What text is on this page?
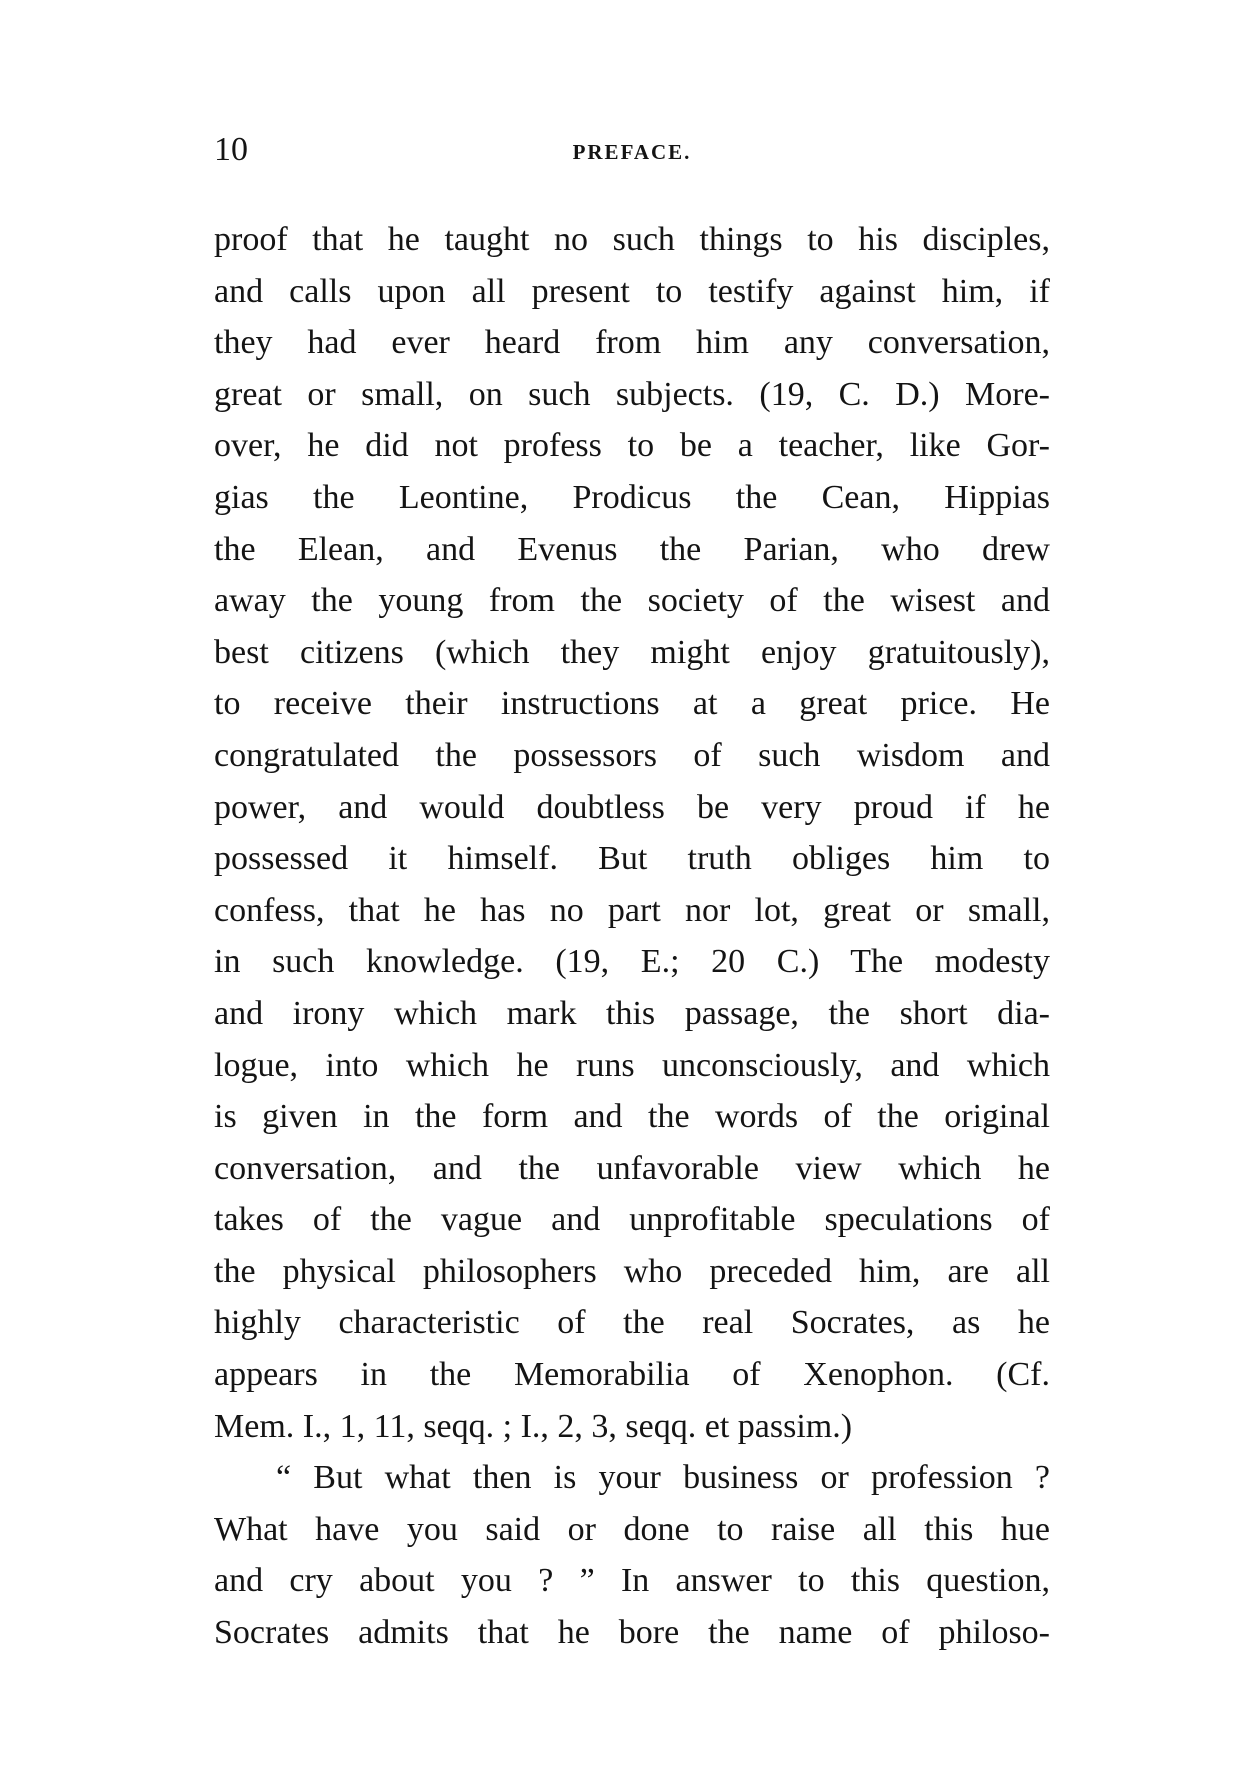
10	PREFACE.
proof that he taught no such things to his disciples,
and calls upon all present to testify against him, if
they had ever heard from him any conversation,
great or small, on such subjects. (19, C. D.) More-
over, he did not profess to be a teacher, like Gor-
gias the Leontine, Prodicus the Cean, Hippias
the Elean, and Evenus the Parian, who drew
away the young from the society of the wisest and
best citizens (which they might enjoy gratuitously),
to receive their instructions at a great price. He
congratulated the possessors of such wisdom and
power, and would doubtless be very proud if he
possessed it himself. But truth obliges him to
confess, that he has no part nor lot, great or small,
in such knowledge. (19, E.; 20 C.) The modesty
and irony which mark this passage, the short dia-
logue, into which he runs unconsciously, and which
is given in the form and the words of the original
conversation, and the unfavorable view which he
takes of the vague and unprofitable speculations of
the physical philosophers who preceded him, are all
highly characteristic of the real Socrates, as he
appears in the Memorabilia of Xenophon. (Cf.
Mem. I., 1, 11, seqq. ; I., 2, 3, seqq. et passim.)
“ But what then is your business or profession ?
What have you said or done to raise all this hue
and cry about you ? ” In answer to this question,
Socrates admits that he bore the name of philoso-
